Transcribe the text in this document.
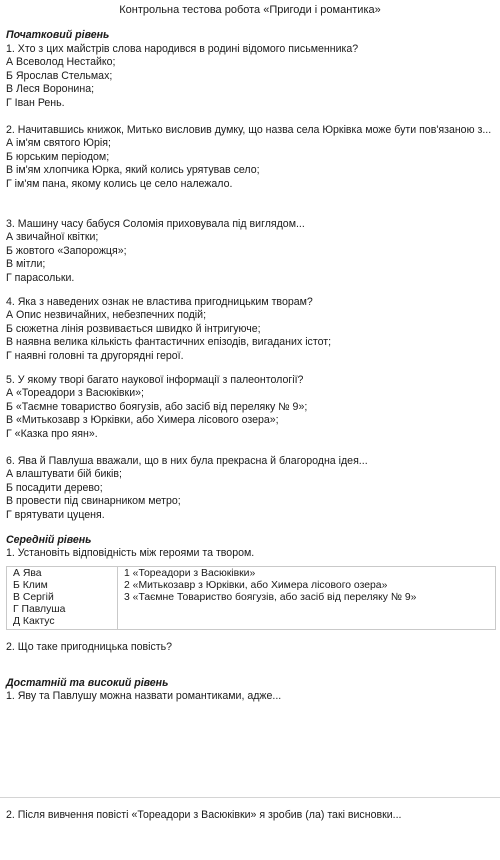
Контрольна тестова робота «Пригоди і романтика»
Початковий рівень

1. Хто з цих майстрів слова народився в родині відомого письменника?

А Всеволод Нестайко;

Б Ярослав Стельмах;

В Леся Воронина;

Г Іван Рень.

2. Начитавшись книжок, Митько висловив думку, що назва села Юрківка може бути пов'язаною з...

А ім'ям святого Юрія;

Б юрським періодом;

В ім'ям хлопчика Юрка, який колись урятував село;

Г ім'ям пана, якому колись це село належало.

3. Машину часу бабуся Соломія приховувала під виглядом...

А звичайної квітки;

Б жовтого «Запорожця»;

В мітли;

Г парасольки.

4. Яка з наведених ознак не властива пригодницьким творам?

А Опис незвичайних, небезпечних подій;

Б сюжетна лінія розвивається швидко й інтригуюче;

В наявна велика кількість фантастичних епізодів, вигаданих істот;

Г наявні головні та другорядні герої.

5. У якому творі багато наукової інформації з палеонтології?

А «Тореадори з Васюківки»;

Б «Таємне товариство боягузів, або засіб від переляку № 9»;

В «Митькозавр з Юрківки, або Химера лісового озера»;

Г «Казка про яян».

6. Ява й Павлуша вважали, що в них була прекрасна й благородна ідея...

А влаштувати бій биків;

Б посадити дерево;

В провести під свинарником метро;

Г врятувати цуценя.

Середній рівень

1. Установіть відповідність між героями та твором.

А Ява
Б Клим
В Сергій
Г Павлуша
Д Кактус

1 «Тореадори з Васюківки»
2 «Митькозавр з Юрківки, або Химера лісового озера»
3 «Таємне Товариство боягузів, або засіб від переляку № 9»

2. Що таке пригодницька повість?

Достатній та високий рівень

1. Яву та Павлушу можна назвати романтиками, адже...

2. Після вивчення повісті «Тореадори з Васюківки» я зробив (ла) такі висновки...
